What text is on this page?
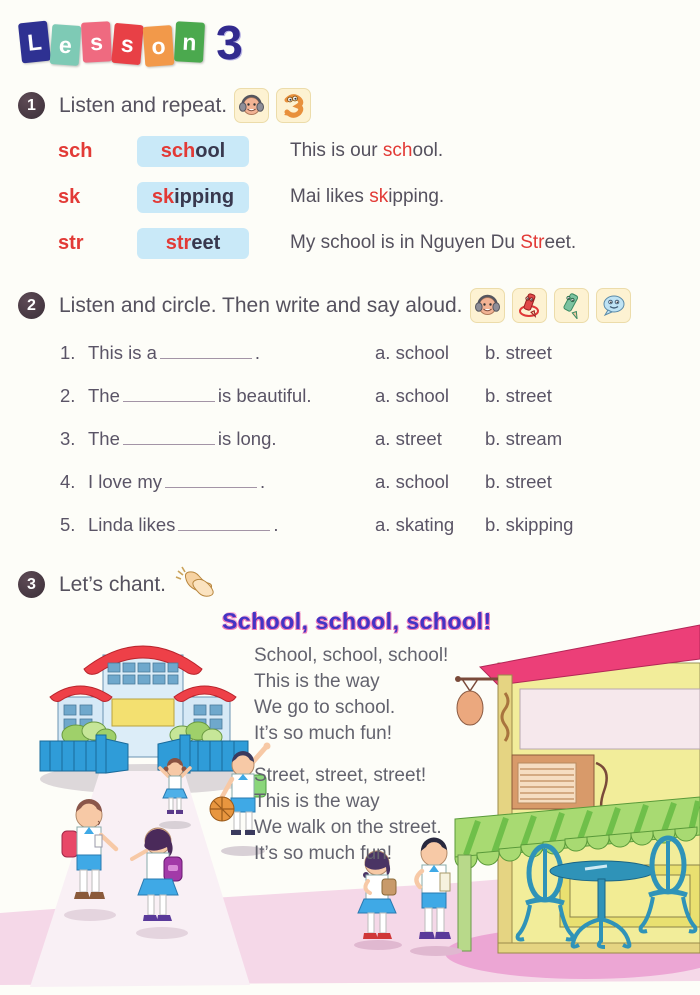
L e s s o n 3
1	Listen and repeat.
sch	sch ool	This is our school.
sk	sk ipping	Mai likes skipping.
str	str eet	My school is in Nguyen Du Street.
2	Listen and circle. Then write and say aloud.
1. This is a	.	a. school b. street
2. The	is beautiful.	a. school b. street
3. The	is long.	a. street b. stream
4. I love my	.	a. school b. street
5. Linda likes	.	a. skating b. skipping
3	Let’s chant.
School, school, school!
School, school, school!
This is the way
We go to school.
It’s so much fun!
Street, street, street!
This is the way
We walk on the street.
It’s so much fun!
